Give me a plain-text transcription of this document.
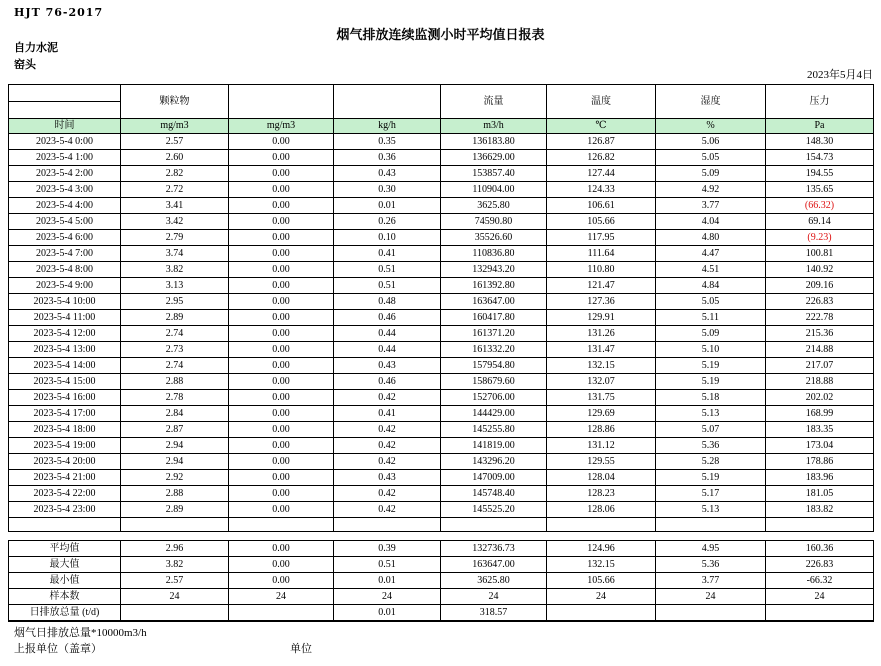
HJT 76-2017
烟气排放连续监测小时平均值日报表
自力水泥
窑头
2023年5月4日
	颗粒物			流量	温度	湿度	压力
时间	mg/m3	mg/m3	kg/h	m3/h	℃	%	Pa
2023-5-4 0:00	2.57	0.00	0.35	136183.80	126.87	5.06	148.30
2023-5-4 1:00	2.60	0.00	0.36	136629.00	126.82	5.05	154.73
2023-5-4 2:00	2.82	0.00	0.43	153857.40	127.44	5.09	194.55
2023-5-4 3:00	2.72	0.00	0.30	110904.00	124.33	4.92	135.65
2023-5-4 4:00	3.41	0.00	0.01	3625.80	106.61	3.77	(66.32)
2023-5-4 5:00	3.42	0.00	0.26	74590.80	105.66	4.04	69.14
2023-5-4 6:00	2.79	0.00	0.10	35526.60	117.95	4.80	(9.23)
2023-5-4 7:00	3.74	0.00	0.41	110836.80	111.64	4.47	100.81
2023-5-4 8:00	3.82	0.00	0.51	132943.20	110.80	4.51	140.92
2023-5-4 9:00	3.13	0.00	0.51	161392.80	121.47	4.84	209.16
2023-5-4 10:00	2.95	0.00	0.48	163647.00	127.36	5.05	226.83
2023-5-4 11:00	2.89	0.00	0.46	160417.80	129.91	5.11	222.78
2023-5-4 12:00	2.74	0.00	0.44	161371.20	131.26	5.09	215.36
2023-5-4 13:00	2.73	0.00	0.44	161332.20	131.47	5.10	214.88
2023-5-4 14:00	2.74	0.00	0.43	157954.80	132.15	5.19	217.07
2023-5-4 15:00	2.88	0.00	0.46	158679.60	132.07	5.19	218.88
2023-5-4 16:00	2.78	0.00	0.42	152706.00	131.75	5.18	202.02
2023-5-4 17:00	2.84	0.00	0.41	144429.00	129.69	5.13	168.99
2023-5-4 18:00	2.87	0.00	0.42	145255.80	128.86	5.07	183.35
2023-5-4 19:00	2.94	0.00	0.42	141819.00	131.12	5.36	173.04
2023-5-4 20:00	2.94	0.00	0.42	143296.20	129.55	5.28	178.86
2023-5-4 21:00	2.92	0.00	0.43	147009.00	128.04	5.19	183.96
2023-5-4 22:00	2.88	0.00	0.42	145748.40	128.23	5.17	181.05
2023-5-4 23:00	2.89	0.00	0.42	145525.20	128.06	5.13	183.82

平均值	2.96	0.00	0.39	132736.73	124.96	4.95	160.36
最大值	3.82	0.00	0.51	163647.00	132.15	5.36	226.83
最小值	2.57	0.00	0.01	3625.80	105.66	3.77	-66.32
样本数	24	24	24	24	24	24	24
日排放总量 (t/d)			0.01	318.57			
烟气日排放总量*10000m3/h
上报单位（盖章）	单位
